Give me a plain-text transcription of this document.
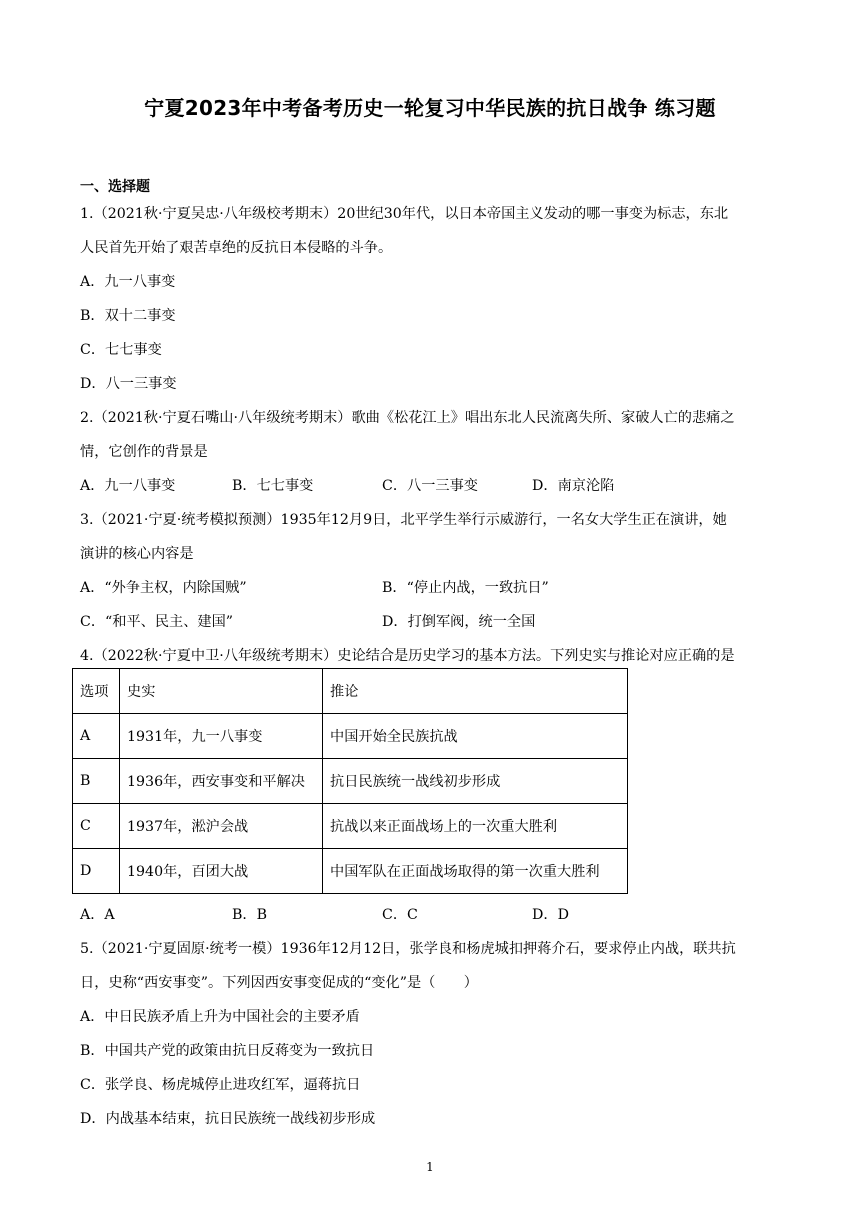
宁夏2023年中考备考历史一轮复习中华民族的抗日战争 练习题
一、选择题
1.（2021秋·宁夏吴忠·八年级校考期末）20世纪30年代，以日本帝国主义发动的哪一事变为标志，东北
人民首先开始了艰苦卓绝的反抗日本侵略的斗争。
A．九一八事变
B．双十二事变
C．七七事变
D．八一三事变
2.（2021秋·宁夏石嘴山·八年级统考期末）歌曲《松花江上》唱出东北人民流离失所、家破人亡的悲痛之
情，它创作的背景是
A．九一八事变	B．七七事变	C．八一三事变	D．南京沦陷
3.（2021·宁夏·统考模拟预测）1935年12月9日，北平学生举行示威游行，一名女大学生正在演讲，她
演讲的核心内容是
A．“外争主权，内除国贼”	B．“停止内战，一致抗日”
C．“和平、民主、建国”	D．打倒军阀，统一全国
4.（2022秋·宁夏中卫·八年级统考期末）史论结合是历史学习的基本方法。下列史实与推论对应正确的是
选项	史实	推论
A	1931年，九一八事变	中国开始全民族抗战
B	1936年，西安事变和平解决	抗日民族统一战线初步形成
C	1937年，淞沪会战	抗战以来正面战场上的一次重大胜利
D	1940年，百团大战	中国军队在正面战场取得的第一次重大胜利
A．A	B．B	C．C	D．D
5.（2021·宁夏固原·统考一模）1936年12月12日，张学良和杨虎城扣押蒋介石，要求停止内战，联共抗
日，史称“西安事变”。下列因西安事变促成的“变化”是（　　）
A．中日民族矛盾上升为中国社会的主要矛盾
B．中国共产党的政策由抗日反蒋变为一致抗日
C．张学良、杨虎城停止进攻红军，逼蒋抗日
D．内战基本结束，抗日民族统一战线初步形成
1
